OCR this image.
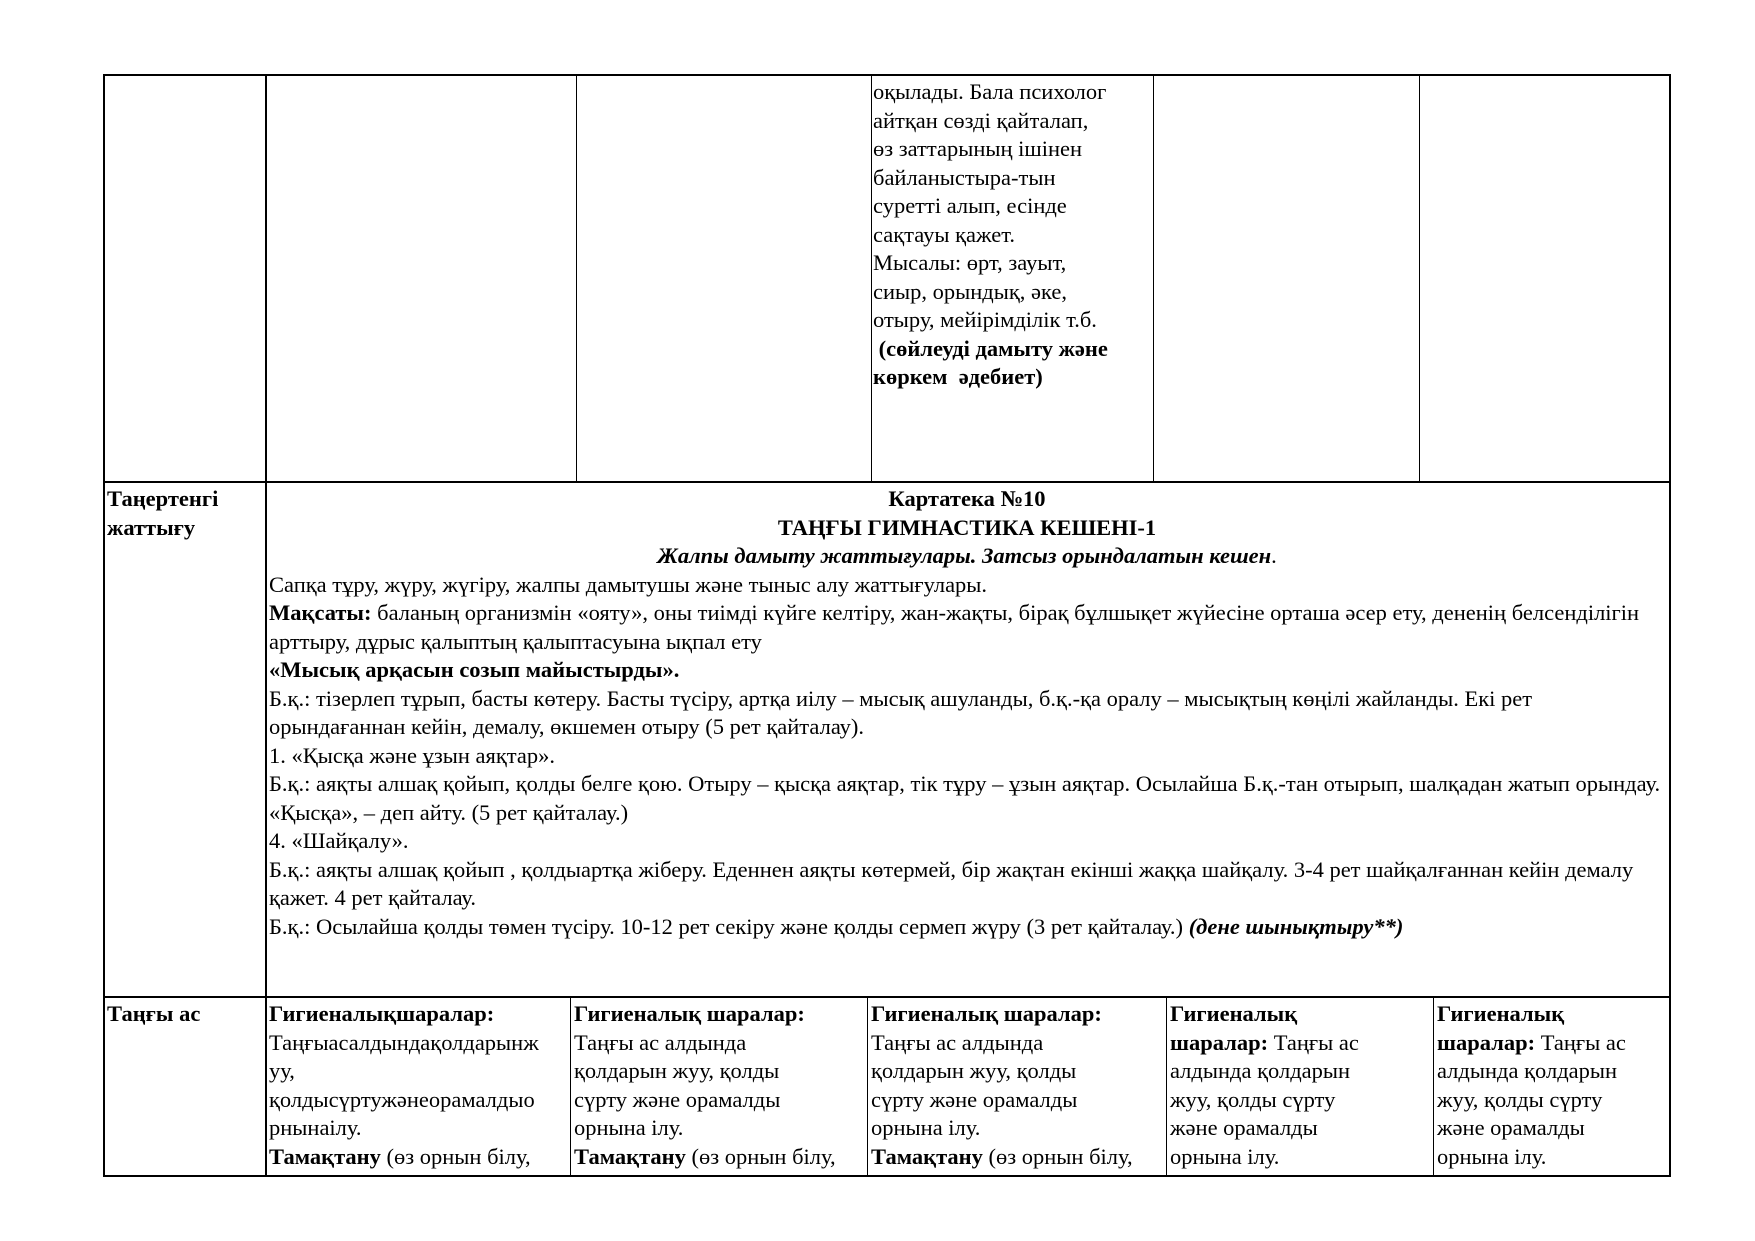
оқылады. Бала психолог
айтқан сөзді қайталап,
өз заттарының ішінен
байланыстыра-тын
суретті алып, есінде
сақтауы қажет.
Мысалы: өрт, зауыт,
сиыр, орындық, әке,
отыру, мейірімділік т.б.
(сөйлеуді дамыту және
көркем  әдебиет)
Таңертенгі
жаттығу
Картатека №10
ТАҢҒЫ ГИМНАСТИКА КЕШЕНІ-1
Жалпы дамыту жаттығулары. Затсыз орындалатын кешен.
Сапқа тұру, жүру, жүгіру, жалпы дамытушы және тыныс алу жаттығулары.
Мақсаты: баланың организмін «ояту», оны тиімді күйге келтіру, жан-жақты, бірақ бұлшықет жүйесіне орташа әсер ету, дененің белсенділігін арттыру, дұрыс қалыптың қалыптасуына ықпал ету
«Мысық арқасын созып майыстырды».
Б.қ.: тізерлеп тұрып, басты көтеру. Басты түсіру, артқа иілу – мысық ашуланды, б.қ.-қа оралу – мысықтың көңілі жайланды. Екі рет орындағаннан кейін, демалу, өкшемен отыру (5 рет қайталау).
1. «Қысқа және ұзын аяқтар».
Б.қ.: аяқты алшақ қойып, қолды белге қою. Отыру – қысқа аяқтар, тік тұру – ұзын аяқтар. Осылайша Б.қ.-тан отырып, шалқадан жатып орындау. «Қысқа», – деп айту. (5 рет қайталау.)
4. «Шайқалу».
Б.қ.: аяқты алшақ қойып , қолдыартқа жіберу. Еденнен аяқты көтермей, бір жақтан екінші жаққа шайқалу. 3-4 рет шайқалғаннан кейін демалу қажет. 4 рет қайталау.
Б.қ.: Осылайша қолды төмен түсіру. 10-12 рет секіру және қолды сермеп жүру (3 рет қайталау.) (дене шынықтыру**)
Таңғы ас	Гигиеналықшаралар:
Таңғыасалдындақолдарынж
уу,
қолдысүртужәнеорамалдыо
рнынаілу.
Тамақтану (өз орнын білу,
Гигиеналық шаралар:
Таңғы ас алдында
қолдарын жуу, қолды
сүрту және орамалды
орнына ілу.
Тамақтану (өз орнын білу,
Гигиеналық шаралар:
Таңғы ас алдында
қолдарын жуу, қолды
сүрту және орамалды
орнына ілу.
Тамақтану (өз орнын білу,
Гигиеналық
шаралар: Таңғы ас
алдында қолдарын
жуу, қолды сүрту
және орамалды
орнына ілу.
Гигиеналық
шаралар: Таңғы ас
алдында қолдарын
жуу, қолды сүрту
және орамалды
орнына ілу.
